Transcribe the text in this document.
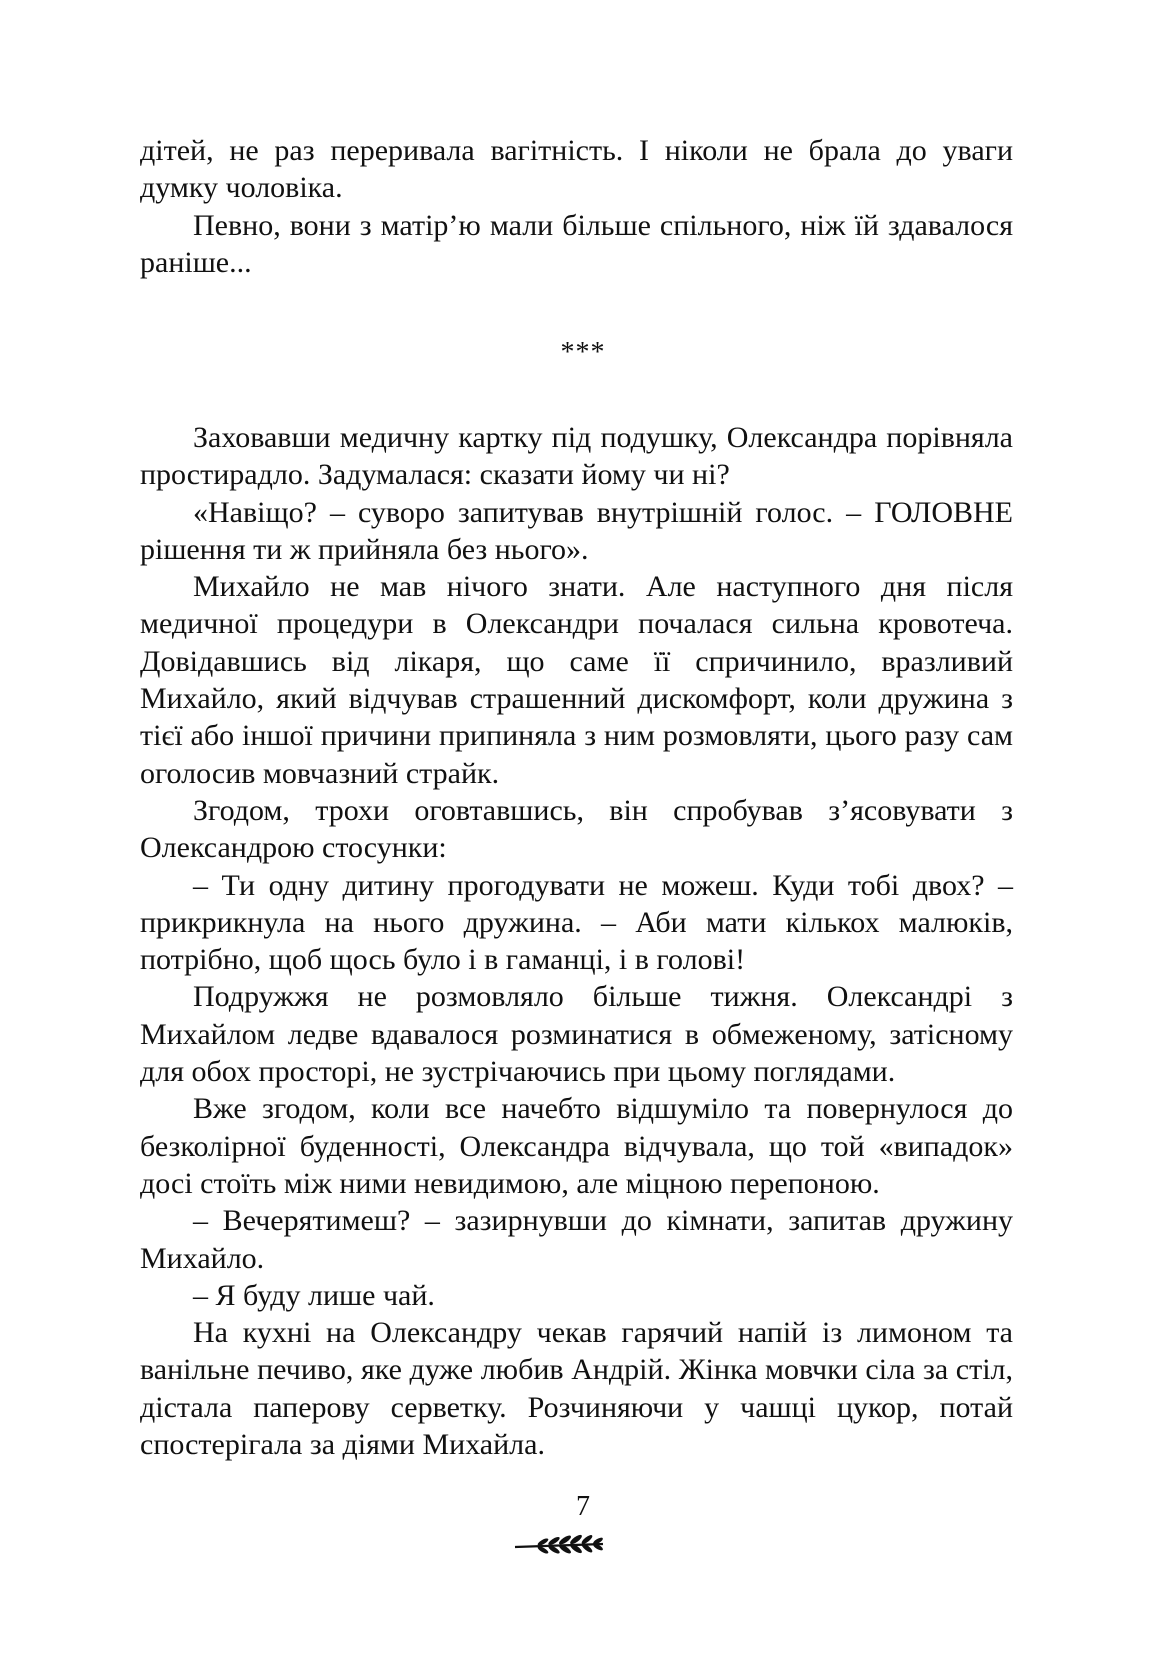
дітей, не раз переривала вагітність. І ніколи не брала до уваги думку чоловіка.

Певно, вони з матір’ю мали більше спільного, ніж їй здавалося раніше...

***

Заховавши медичну картку під подушку, Олександра порівняла простирадло. Задумалася: сказати йому чи ні?

«Навіщо? – суворо запитував внутрішній голос. – ГОЛОВНЕ рішення ти ж прийняла без нього».

Михайло не мав нічого знати. Але наступного дня після медичної процедури в Олександри почалася сильна кровотеча. Довідавшись від лікаря, що саме її спричинило, вразливий Михайло, який відчував страшенний дискомфорт, коли дружина з тієї або іншої причини припиняла з ним розмовляти, цього разу сам оголосив мовчазний страйк.

Згодом, трохи оговтавшись, він спробував з’ясовувати з Олександрою стосунки:

– Ти одну дитину прогодувати не можеш. Куди тобі двох? – прикрикнула на нього дружина. – Аби мати кількох малюків, потрібно, щоб щось було і в гаманці, і в голові!

Подружжя не розмовляло більше тижня. Олександрі з Михайлом ледве вдавалося розминатися в обмеженому, затісному для обох просторі, не зустрічаючись при цьому поглядами.

Вже згодом, коли все начебто відшуміло та повернулося до безколірної буденності, Олександра відчувала, що той «випадок» досі стоїть між ними невидимою, але міцною перепоною.

– Вечерятимеш? – зазирнувши до кімнати, запитав дружину Михайло.

– Я буду лише чай.

На кухні на Олександру чекав гарячий напій із лимоном та ванільне печиво, яке дуже любив Андрій. Жінка мовчки сіла за стіл, дістала паперову серветку. Розчиняючи у чашці цукор, потай спостерігала за діями Михайла.

7
